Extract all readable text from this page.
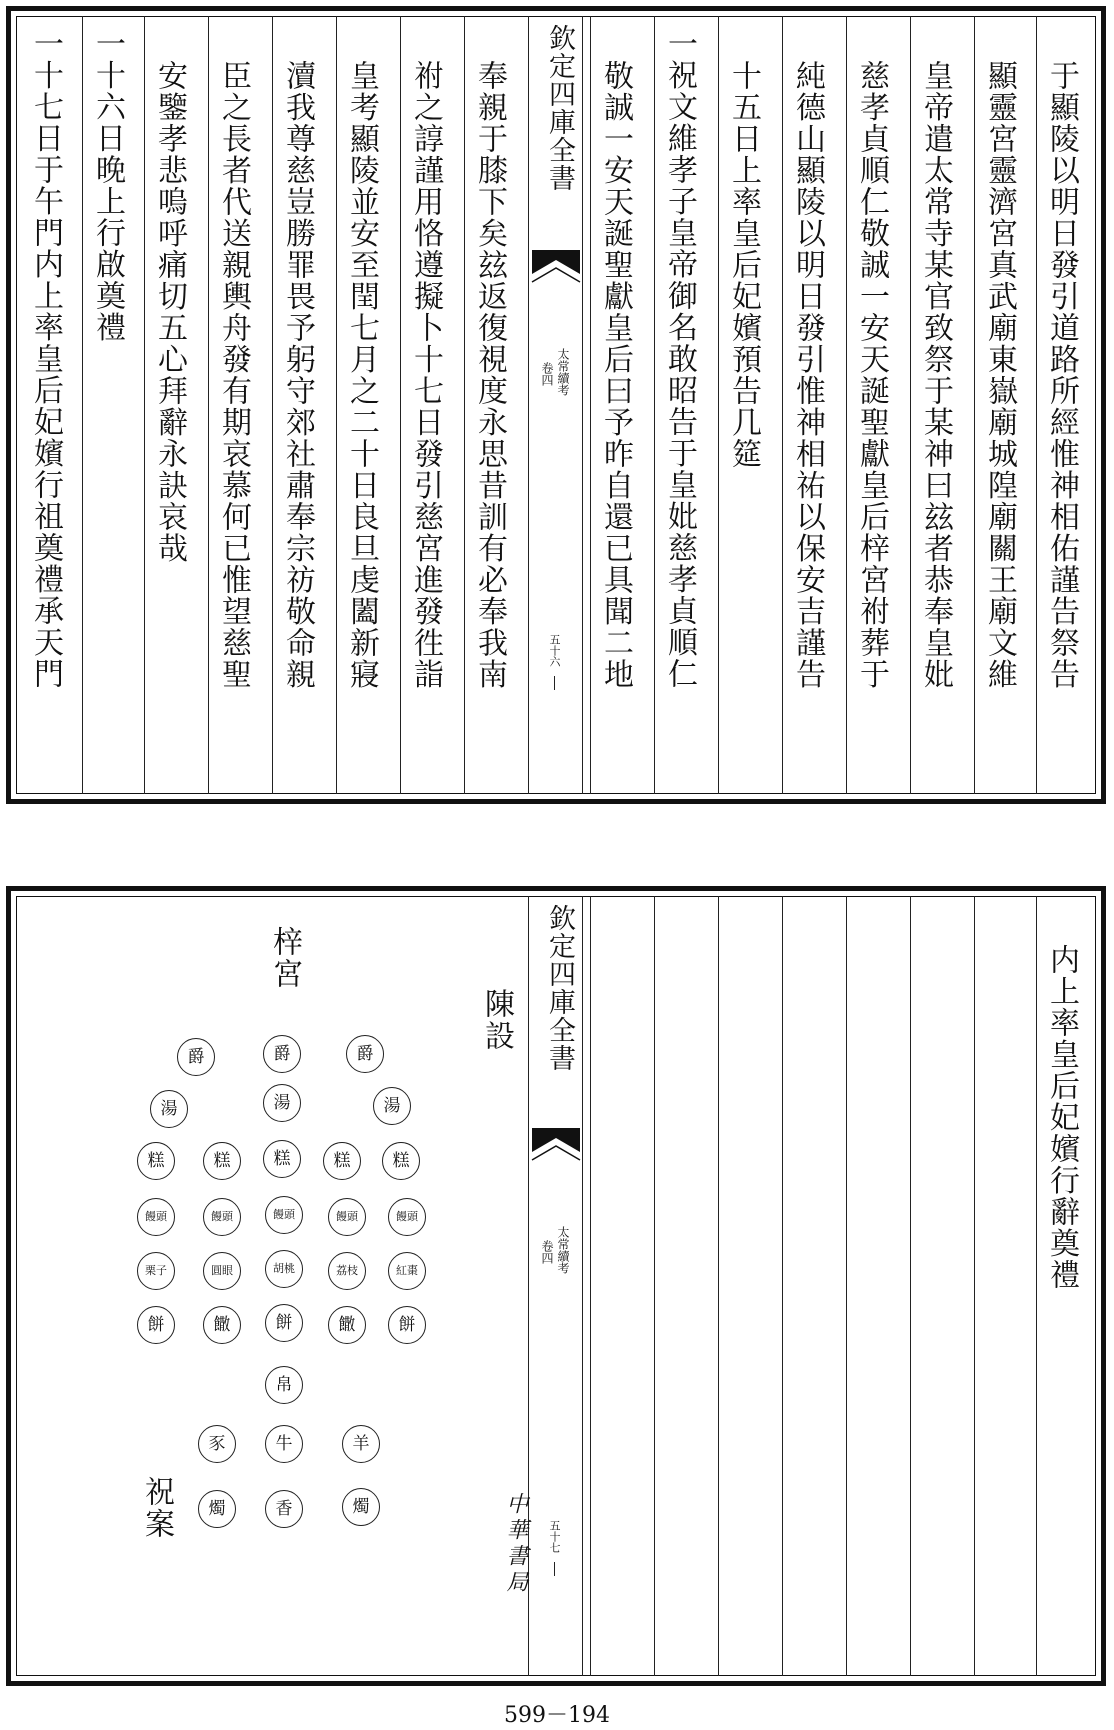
欽定四庫全書
太常續考
卷四
五十六	于顯陵以明日發引道路所經惟神相佑謹告祭告
顯靈宮靈濟宮真武廟東嶽廟城隍廟關王廟文維
皇帝遣太常寺某官致祭于某神曰玆者恭奉皇妣
慈孝貞順仁敬誠一安天誕聖獻皇后梓宮祔葬于
純德山顯陵以明日發引惟神相祐以保安吉謹告
十五日上率皇后妃嬪預告几筵
一祝文維孝子皇帝御名敢昭告于皇妣慈孝貞順仁
敬誠一安天誕聖獻皇后曰予昨自還已具聞二地
奉親于膝下矣玆返復視度永思昔訓有必奉我南
祔之諄謹用恪遵擬卜十七日發引慈宮進發徃詣
皇考顯陵並安至閏七月之二十日良旦虔闔新寢
瀆我尊慈豈勝罪畏予躬守郊社肅奉宗祊敬命親
臣之長者代送親輿舟發有期哀慕何已惟望慈聖
安鑒孝悲嗚呼痛切五心拜辭永訣哀哉
一十六日晚上行啟奠禮
一十七日于午門内上率皇后妃嬪行祖奠禮承天門
内上率皇后妃嬪行辭奠禮
欽定四庫全書
太常續考
卷四
五十七
陳設
梓宮
祝案	中華書局
爵
爵
爵
湯
湯
湯
糕
糕
糕
糕
糕
饅頭
饅頭
饅頭
饅頭
饅頭
紅棗
荔枝
胡桃
圓眼
栗子
餅
饊
餅
饊
餅
帛
羊
牛
豕
燭
香
燭
599－194
